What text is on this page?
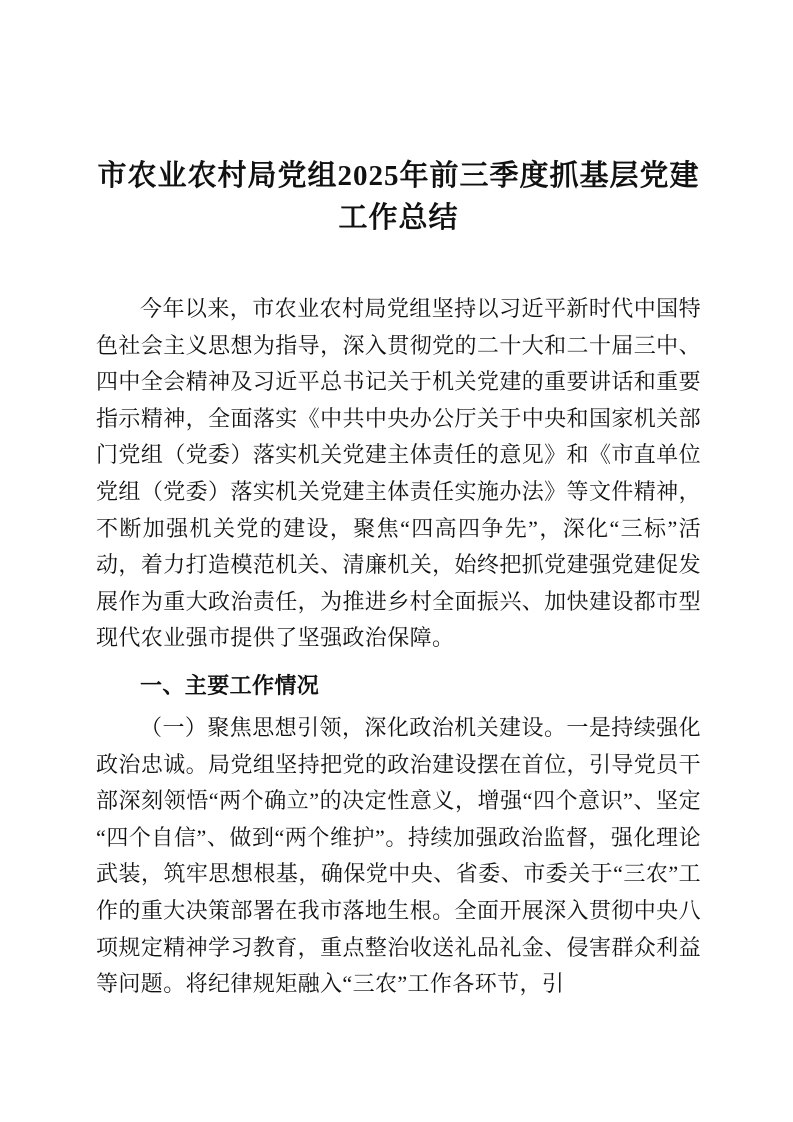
市农业农村局党组2025年前三季度抓基层党建工作总结

今年以来，市农业农村局党组坚持以习近平新时代中国特色社会主义思想为指导，深入贯彻党的二十大和二十届三中、四中全会精神及习近平总书记关于机关党建的重要讲话和重要指示精神，全面落实《中共中央办公厅关于中央和国家机关部门党组（党委）落实机关党建主体责任的意见》和《市直单位党组（党委）落实机关党建主体责任实施办法》等文件精神，不断加强机关党的建设，聚焦“四高四争先”，深化“三标”活动，着力打造模范机关、清廉机关，始终把抓党建强党建促发展作为重大政治责任，为推进乡村全面振兴、加快建设都市型现代农业强市提供了坚强政治保障。

一、主要工作情况

（一）聚焦思想引领，深化政治机关建设。一是持续强化政治忠诚。局党组坚持把党的政治建设摆在首位，引导党员干部深刻领悟“两个确立”的决定性意义，增强“四个意识”、坚定“四个自信”、做到“两个维护”。持续加强政治监督，强化理论武装，筑牢思想根基，确保党中央、省委、市委关于“三农”工作的重大决策部署在我市落地生根。全面开展深入贯彻中央八项规定精神学习教育，重点整治收送礼品礼金、侵害群众利益等问题。将纪律规矩融入“三农”工作各环节，引
